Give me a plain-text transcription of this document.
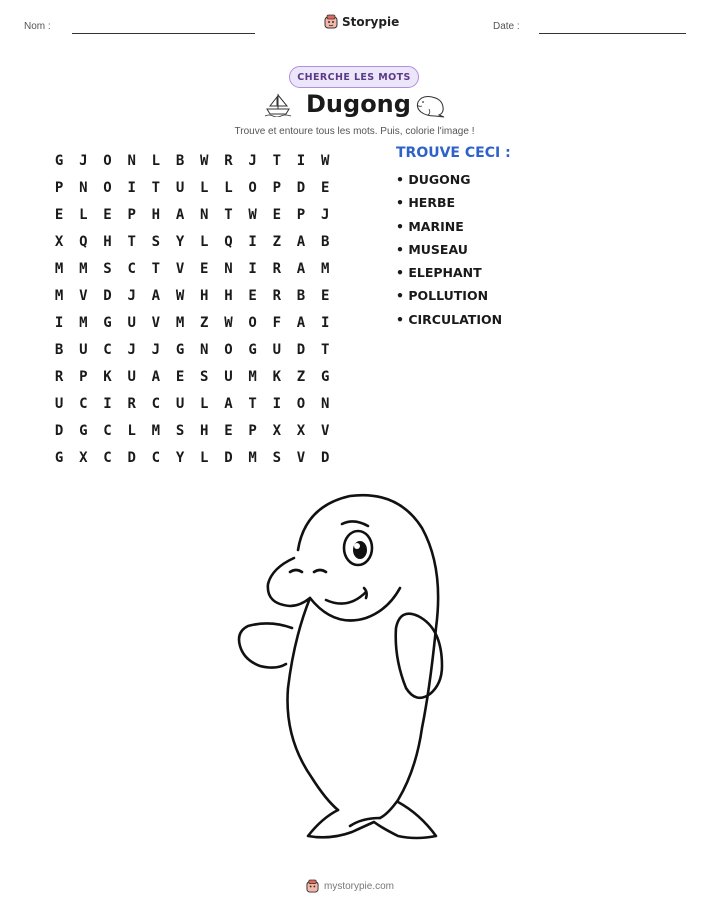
Nom :	Storypie	Date :
CHERCHE LES MOTS
Dugong
Trouve et entoure tous les mots. Puis, colorie l'image !
G	J	O	N	L	B	W	R	J	T	I	W
P	N	O	I	T	U	L	L	O	P	D	E
E	L	E	P	H	A	N	T	W	E	P	J
X	Q	H	T	S	Y	L	Q	I	Z	A	B
M	M	S	C	T	V	E	N	I	R	A	M
M	V	D	J	A	W	H	H	E	R	B	E
I	M	G	U	V	M	Z	W	O	F	A	I
B	U	C	J	J	G	N	O	G	U	D	T
R	P	K	U	A	E	S	U	M	K	Z	G
U	C	I	R	C	U	L	A	T	I	O	N
D	G	C	L	M	S	H	E	P	X	X	V
G	X	C	D	C	Y	L	D	M	S	V	D
TROUVE CECI :
• DUGONG
• HERBE
• MARINE
• MUSEAU
• ELEPHANT
• POLLUTION
• CIRCULATION
mystorypie.com
